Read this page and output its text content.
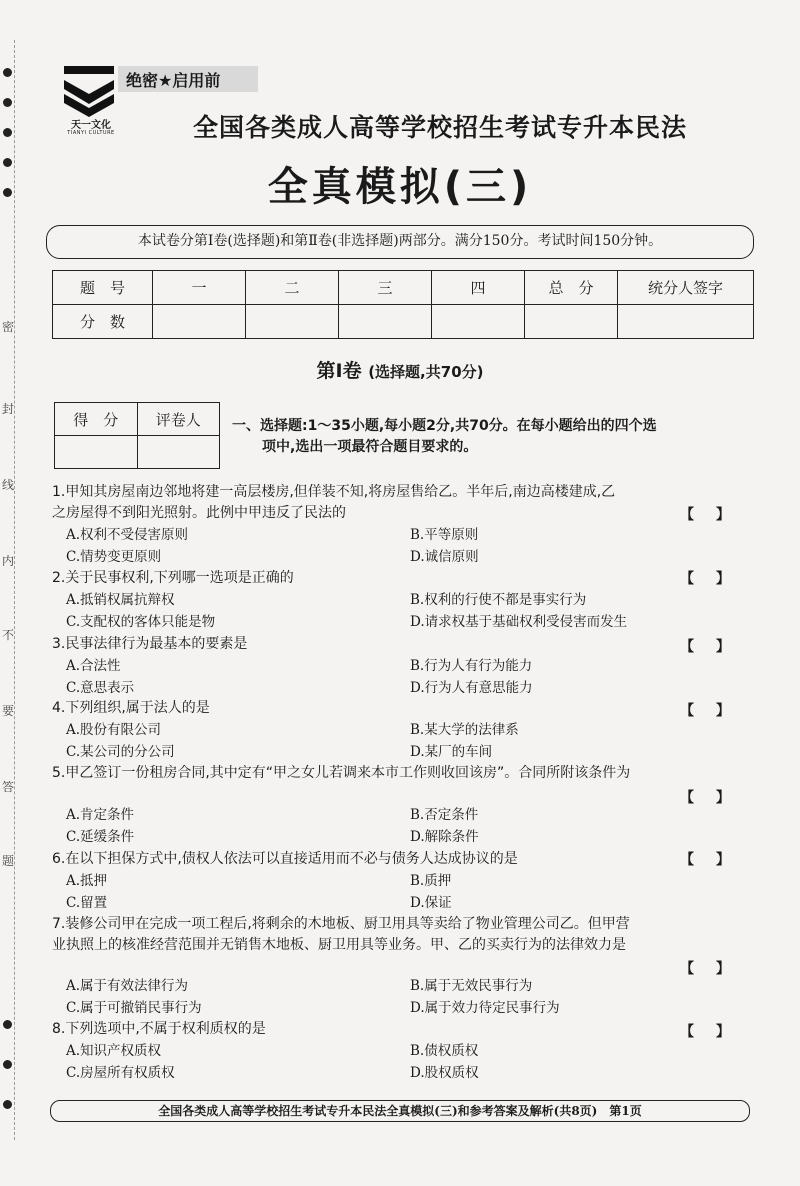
密
封
线
内
不
要
答
题
天一文化
TIANYI CULTURE
绝密★启用前
全国各类成人高等学校招生考试专升本民法
全真模拟(三)
本试卷分第Ⅰ卷(选择题)和第Ⅱ卷(非选择题)两部分。满分150分。考试时间150分钟。
题　号	一	二	三	四	总　分	统分人签字
分　数						
第Ⅰ卷 (选择题,共70分)
得　分	评卷人
	一、选择题:1～35小题,每小题2分,共70分。在每小题给出的四个选
项中,选出一项最符合题目要求的。
1.甲知其房屋南边邻地将建一高层楼房,但佯装不知,将房屋售给乙。半年后,南边高楼建成,乙
之房屋得不到阳光照射。此例中甲违反了民法的	【】
A.权利不受侵害原则	B.平等原则
C.情势变更原则	D.诚信原则
2.关于民事权利,下列哪一选项是正确的	【】
A.抵销权属抗辩权	B.权利的行使不都是事实行为
C.支配权的客体只能是物	D.请求权基于基础权利受侵害而发生
3.民事法律行为最基本的要素是	【】
A.合法性	B.行为人有行为能力
C.意思表示	D.行为人有意思能力
4.下列组织,属于法人的是	【】
A.股份有限公司	B.某大学的法律系
C.某公司的分公司	D.某厂的车间
5.甲乙签订一份租房合同,其中定有“甲之女儿若调来本市工作则收回该房”。合同所附该条件为
【】
A.肯定条件	B.否定条件
C.延缓条件	D.解除条件
6.在以下担保方式中,债权人依法可以直接适用而不必与债务人达成协议的是	【】
A.抵押	B.质押
C.留置	D.保证
7.装修公司甲在完成一项工程后,将剩余的木地板、厨卫用具等卖给了物业管理公司乙。但甲营
业执照上的核准经营范围并无销售木地板、厨卫用具等业务。甲、乙的买卖行为的法律效力是
【】
A.属于有效法律行为	B.属于无效民事行为
C.属于可撤销民事行为	D.属于效力待定民事行为
8.下列选项中,不属于权利质权的是	【】
A.知识产权质权	B.债权质权
C.房屋所有权质权	D.股权质权
全国各类成人高等学校招生考试专升本民法全真模拟(三)和参考答案及解析(共8页)　第1页
